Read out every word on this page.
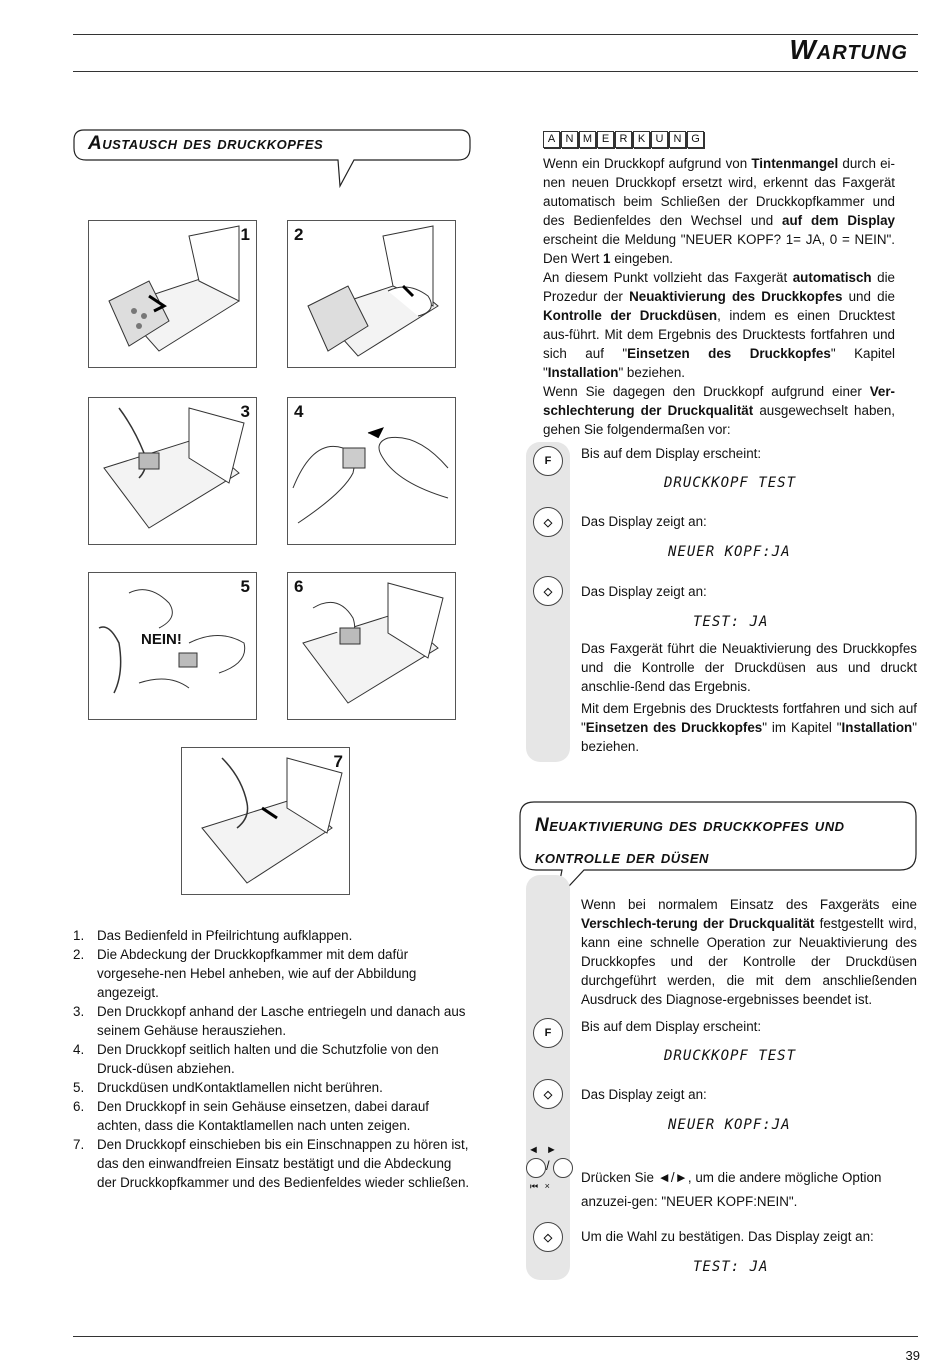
Wartung
Austausch des druckkopfes
1	2
3	4
5
NEIN!
6
7
1. Das Bedienfeld in Pfeilrichtung aufklappen.
2. Die Abdeckung der Druckkopfkammer mit dem dafür vorgesehe-nen Hebel anheben, wie auf der Abbildung angezeigt.
3. Den Druckkopf anhand der Lasche entriegeln und danach aus seinem Gehäuse herausziehen.
4. Den Druckkopf seitlich halten und die Schutzfolie von den Druck-düsen abziehen.
5. Druckdüsen undKontaktlamellen nicht berühren.
6. Den Druckkopf in sein Gehäuse einsetzen, dabei darauf achten, dass die Kontaktlamellen nach unten zeigen.
7. Den Druckkopf einschieben bis ein Einschnappen zu hören ist, das den einwandfreien Einsatz bestätigt und die Abdeckung der Druckkopfkammer und des Bedienfeldes wieder schließen.
A N M E R K U N G
Wenn ein Druckkopf aufgrund von Tintenmangel durch ei-nen neuen Druckkopf ersetzt wird, erkennt das Faxgerät automatisch beim Schließen der Druckkopfkammer und des Bedienfeldes den Wechsel und auf dem Display erscheint die Meldung "NEUER KOPF? 1= JA, 0 = NEIN". Den Wert 1 eingeben.
An diesem Punkt vollzieht das Faxgerät automatisch die Prozedur der Neuaktivierung des Druckkopfes und die Kontrolle der Druckdüsen, indem es einen Drucktest aus-führt. Mit dem Ergebnis des Drucktests fortfahren und sich auf "Einsetzen des Druckkopfes" Kapitel "Installation" beziehen.
Wenn Sie dagegen den Druckkopf aufgrund einer Ver-schlechterung der Druckqualität ausgewechselt haben, gehen Sie folgendermaßen vor:
F Bis auf dem Display erscheint:
DRUCKKOPF TEST
◇ Das Display zeigt an:
NEUER KOPF:JA
◇ Das Display zeigt an:
TEST: JA
Das Faxgerät führt die Neuaktivierung des Druckkopfes und die Kontrolle der Druckdüsen aus und druckt anschlie-ßend das Ergebnis.
Mit dem Ergebnis des Drucktests fortfahren und sich auf "Einsetzen des Druckkopfes" im Kapitel "Installation" beziehen.
Neuaktivierung des druckkopfes und
kontrolle der düsen
Wenn bei normalem Einsatz des Faxgeräts eine Verschlech-terung der Druckqualität festgestellt wird, kann eine schnelle Operation zur Neuaktivierung des Druckkopfes und der Kontrolle der Druckdüsen durchgeführt werden, die mit dem anschließenden Ausdruck des Diagnose-ergebnisses beendet ist.
F Bis auf dem Display erscheint:
DRUCKKOPF TEST
◇ Das Display zeigt an:
NEUER KOPF:JA
◄ ►
/
⏮ ×
Drücken Sie ◄/►, um die andere mögliche Option anzuzei-gen: "NEUER KOPF:NEIN".
◇ Um die Wahl zu bestätigen. Das Display zeigt an:
TEST: JA
39
